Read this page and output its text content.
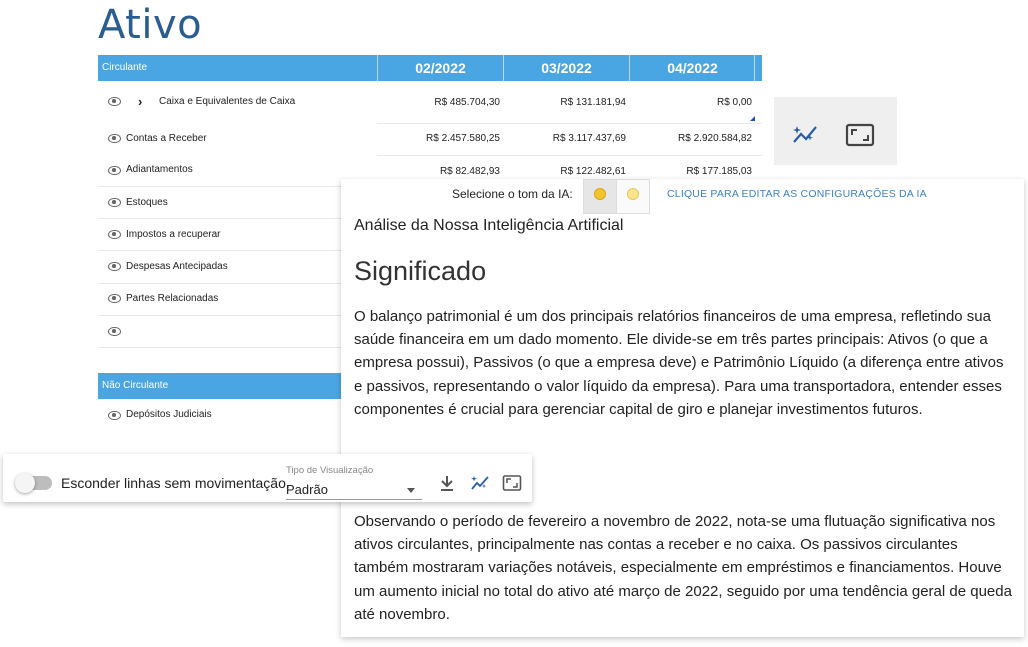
Ativo
Circulante	02/2022	03/2022	04/2022
› Caixa e Equivalentes de Caixa	R$ 485.704,30	R$ 131.181,94	R$ 0,00
Contas a Receber	R$ 2.457.580,25	R$ 3.117.437,69	R$ 2.920.584,82
Adiantamentos	R$ 82.482,93	R$ 122.482,61	R$ 177.185,03
Estoques
Impostos a recuperar
Despesas Antecipadas
Partes Relacionadas
Não Circulante
Depósitos Judiciais
Selecione o tom da IA:	CLIQUE PARA EDITAR AS CONFIGURAÇÕES DA IA
Análise da Nossa Inteligência Artificial
Significado

O balanço patrimonial é um dos principais relatórios financeiros de uma empresa, refletindo sua saúde financeira em um dado momento. Ele divide-se em três partes principais: Ativos (o que a empresa possui), Passivos (o que a empresa deve) e Patrimônio Líquido (a diferença entre ativos e passivos, representando o valor líquido da empresa). Para uma transportadora, entender esses componentes é crucial para gerenciar capital de giro e planejar investimentos futuros.

Observando o período de fevereiro a novembro de 2022, nota-se uma flutuação significativa nos ativos circulantes, principalmente nas contas a receber e no caixa. Os passivos circulantes também mostraram variações notáveis, especialmente em empréstimos e financiamentos. Houve um aumento inicial no total do ativo até março de 2022, seguido por uma tendência geral de queda até novembro.

Esconder linhas sem movimentação.
Tipo de Visualização
Padrão
